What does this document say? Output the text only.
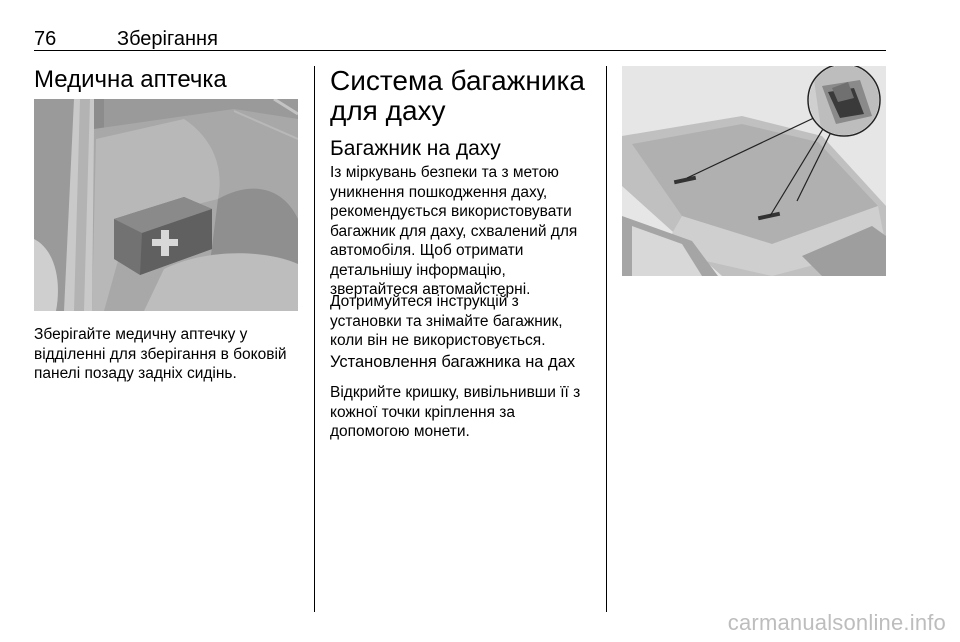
76	Зберігання
Медична аптечка

Зберігайте медичну аптечку у відділенні для зберігання в боковій панелі позаду задніх сидінь.

Система багажника
для даху
Багажник на даху

Із міркувань безпеки та з метою уникнення пошкодження даху, рекомендується використовувати багажник для даху, схвалений для автомобіля. Щоб отримати детальнішу інформацію, звертайтеся автомайстерні.

Дотримуйтеся інструкцій з установки та знімайте багажник, коли він не використовується.

Установлення багажника на дах

Відкрийте кришку, вивільнивши її з кожної точки кріплення за допомогою монети.

carmanualsonline.info
